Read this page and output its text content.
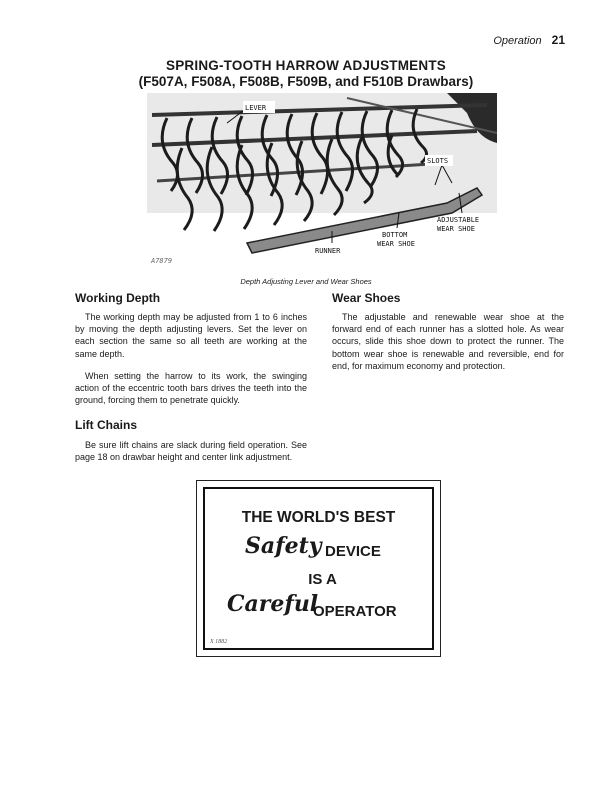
Operation 21
SPRING-TOOTH HARROW ADJUSTMENTS
(F507A, F508A, F508B, F509B, and F510B Drawbars)
LEVER
SLOTS
ADJUSTABLE
WEAR SHOE
BOTTOM
WEAR SHOE
RUNNER
A7879
Depth Adjusting Lever and Wear Shoes
Working Depth

The working depth may be adjusted from 1 to 6 inches by moving the depth adjusting levers. Set the lever on each section the same so all teeth are working at the same depth.

When setting the harrow to its work, the swinging action of the eccentric tooth bars drives the teeth into the ground, forcing them to penetrate quickly.

Lift Chains

Be sure lift chains are slack during field operation. See page 18 on drawbar height and center link adjustment.

Wear Shoes

The adjustable and renewable wear shoe at the forward end of each runner has a slotted hole. As wear occurs, slide this shoe down to protect the runner. The bottom wear shoe is renewable and reversible, end for end, for maximum economy and protection.

THE WORLD'S BEST
Safety DEVICE
IS A
Careful
OPERATOR
X 1882
